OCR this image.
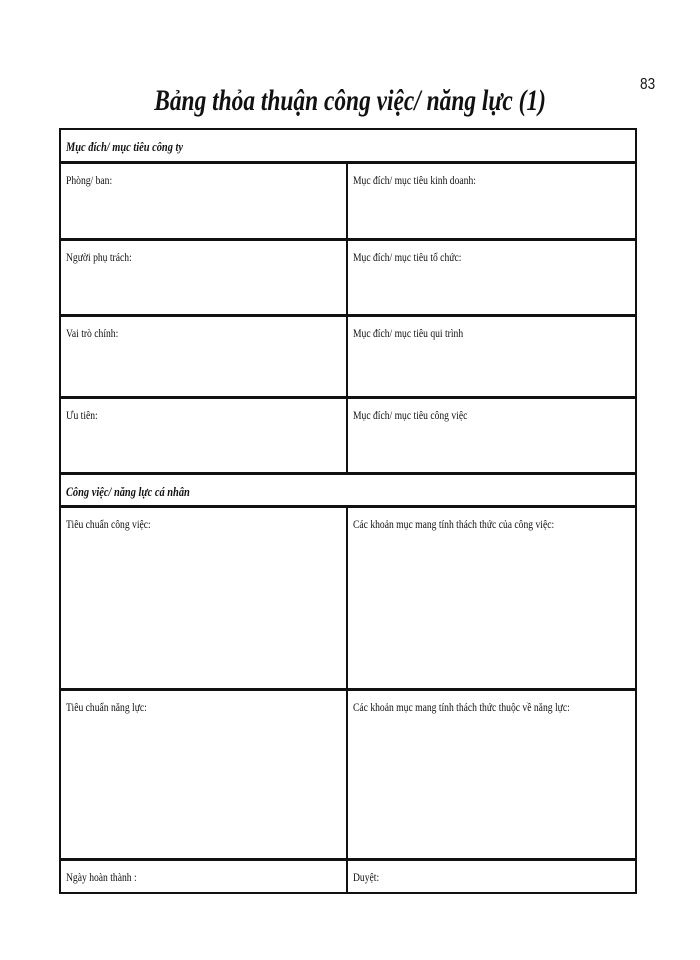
83
Bảng thỏa thuận công việc/ năng lực (1)
Mục đích/ mục tiêu công ty
Phòng/ ban:	Mục đích/ mục tiêu kinh doanh:
Người phụ trách:	Mục đích/ mục tiêu tổ chức:
Vai trò chính:	Mục đích/ mục tiêu qui trình
Ưu tiên:	Mục đích/ mục tiêu công việc
Công việc/ năng lực cá nhân
Tiêu chuẩn công việc:	Các khoản mục mang tính thách thức của công việc:
Tiêu chuẩn năng lực:	Các khoản mục mang tính thách thức thuộc về năng lực:
Ngày hoàn thành :	Duyệt:
